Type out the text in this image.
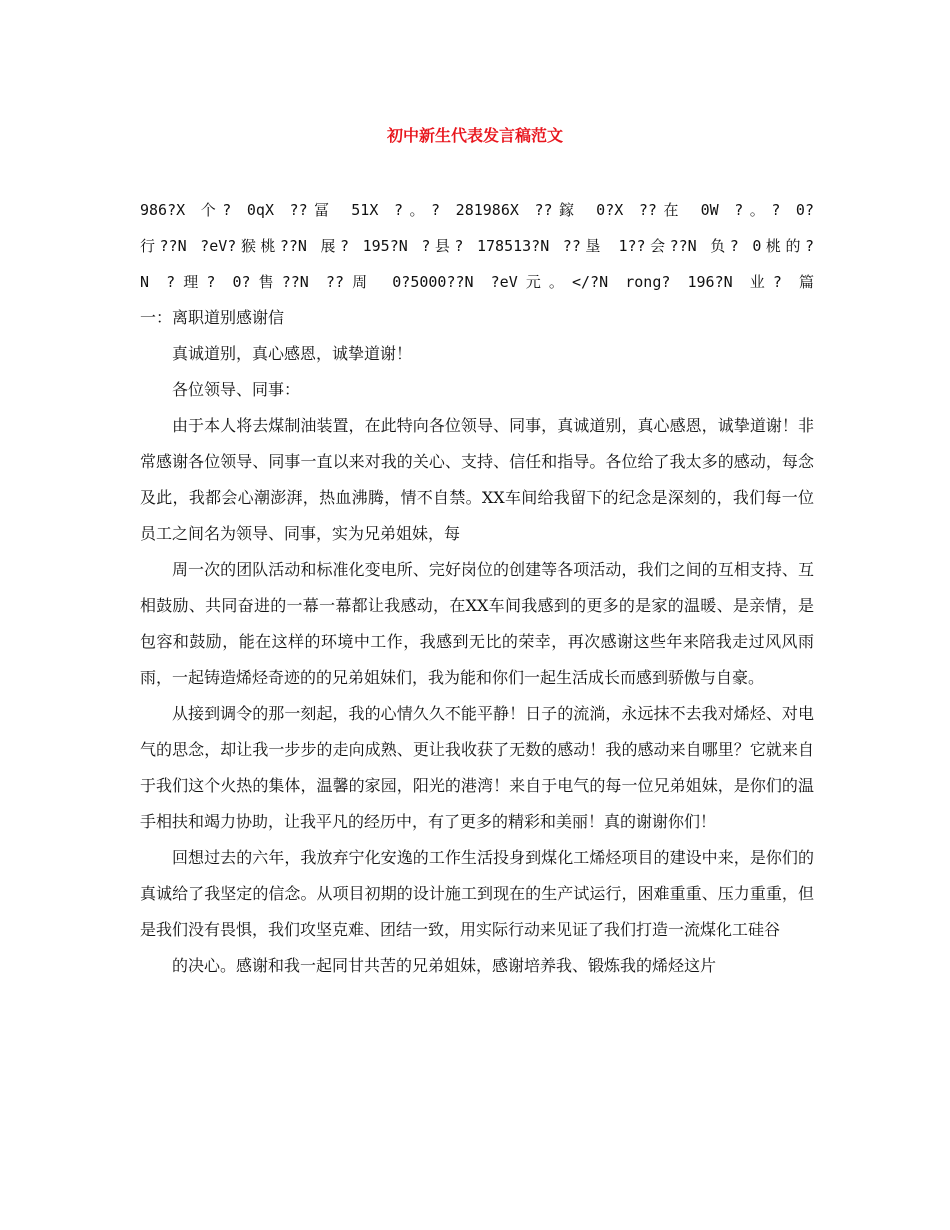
初中新生代表发言稿范文

986?X 个? 0qX ??冨 51X ?。? 281986X ??鎵 0?X ??在 0W ?。? 0?

行??N ?eV?猴桃??N 展? 195?N ?县? 178513?N ??垦 1??会??N 负? 0桃的?

N ?理? 0?售??N ??周 0?5000??N ?eV元。</?N rong? 196?N 业? 篇

一：离职道别感谢信

真诚道别，真心感恩，诚挚道谢！

各位领导、同事：

由于本人将去煤制油装置，在此特向各位领导、同事，真诚道别，真心感恩，诚挚道谢！非常感谢各位领导、同事一直以来对我的关心、支持、信任和指导。各位给了我太多的感动，每念及此，我都会心潮澎湃，热血沸腾，情不自禁。XX车间给我留下的纪念是深刻的，我们每一位员工之间名为领导、同事，实为兄弟姐妹，每

周一次的团队活动和标准化变电所、完好岗位的创建等各项活动，我们之间的互相支持、互相鼓励、共同奋进的一幕一幕都让我感动，在XX车间我感到的更多的是家的温暖、是亲情，是包容和鼓励，能在这样的环境中工作，我感到无比的荣幸，再次感谢这些年来陪我走过风风雨雨，一起铸造烯烃奇迹的的兄弟姐妹们，我为能和你们一起生活成长而感到骄傲与自豪。

从接到调令的那一刻起，我的心情久久不能平静！日子的流淌，永远抹不去我对烯烃、对电气的思念，却让我一步步的走向成熟、更让我收获了无数的感动！我的感动来自哪里？它就来自于我们这个火热的集体，温馨的家园，阳光的港湾！来自于电气的每一位兄弟姐妹，是你们的温手相扶和竭力协助，让我平凡的经历中，有了更多的精彩和美丽！真的谢谢你们！

回想过去的六年，我放弃宁化安逸的工作生活投身到煤化工烯烃项目的建设中来，是你们的真诚给了我坚定的信念。从项目初期的设计施工到现在的生产试运行，困难重重、压力重重，但是我们没有畏惧，我们攻坚克难、团结一致，用实际行动来见证了我们打造一流煤化工硅谷

的决心。感谢和我一起同甘共苦的兄弟姐妹，感谢培养我、锻炼我的烯烃这片
